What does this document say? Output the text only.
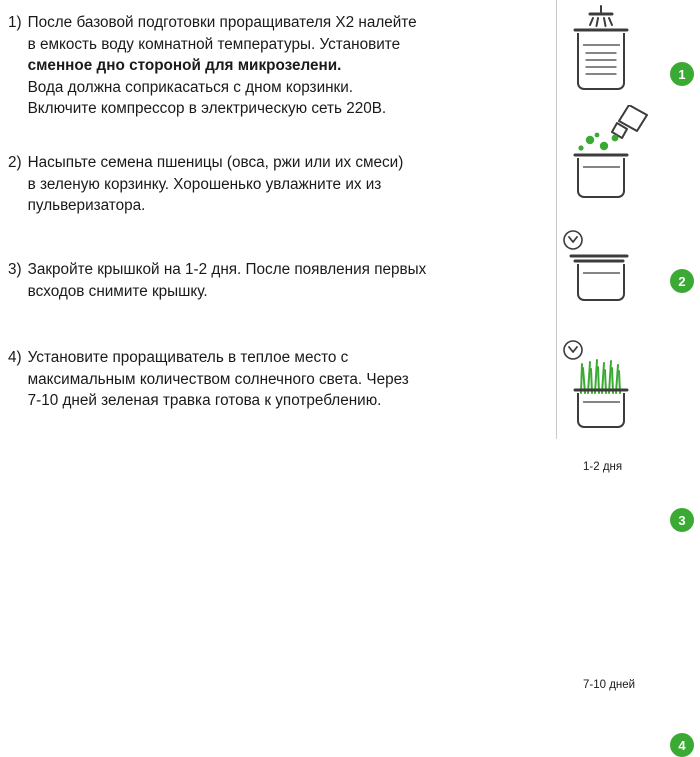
1) После базовой подготовки проращивателя X2 налейте
в емкость воду комнатной температуры. Установите
сменное дно стороной для микрозелени.
Вода должна соприкасаться с дном корзинки.
Включите компрессор в электрическую сеть 220В.
2) Насыпьте семена пшеницы (овса, ржи или их смеси)
в зеленую корзинку. Хорошенько увлажните их из
пульверизатора.
3) Закройте крышкой на 1-2 дня. После появления первых
всходов снимите крышку.
4) Установите проращиватель в теплое место с
максимальным количеством солнечного света. Через
7-10 дней зеленая травка готова к употреблению.
1
2
1-2 дня
3
7-10 дней
4
